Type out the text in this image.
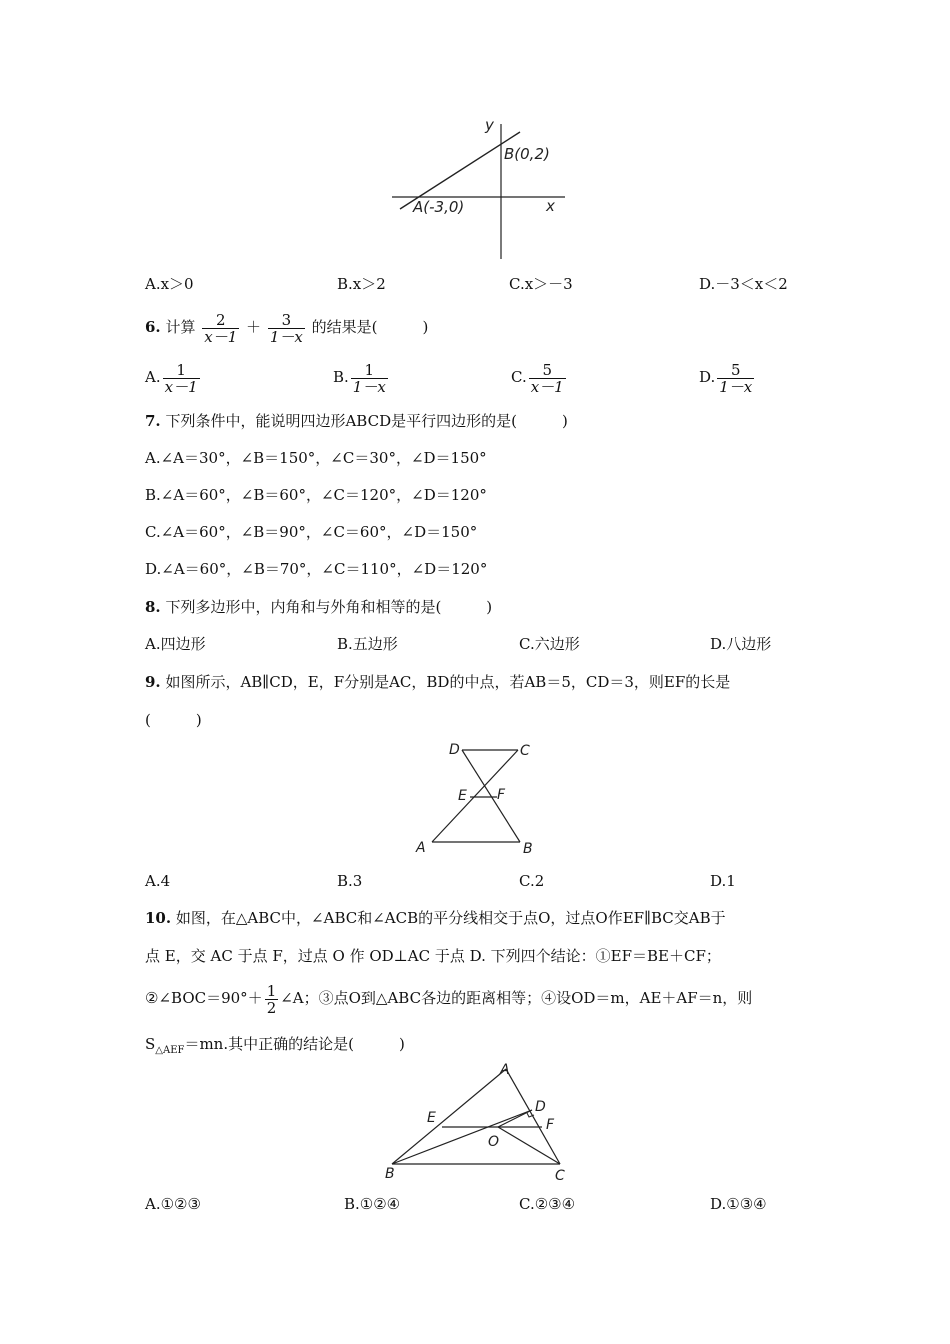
y
x
B(0,2)
A(-3,0)
A.x＞0	B.x＞2	C.x＞－3	D.－3＜x＜2
6. 计算 $\frac{2}{x-1} + \frac{3}{1-x}$ 的结果是(　　　)
A. $\frac{1}{x-1}$	B. $\frac{1}{1-x}$	C. $\frac{5}{x-1}$	D. $\frac{5}{1-x}$
7. 下列条件中，能说明四边形ABCD是平行四边形的是(　　　)
A.∠A＝30°，∠B＝150°，∠C＝30°，∠D＝150°
B.∠A＝60°，∠B＝60°，∠C＝120°，∠D＝120°
C.∠A＝60°，∠B＝90°，∠C＝60°，∠D＝150°
D.∠A＝60°，∠B＝70°，∠C＝110°，∠D＝120°
8. 下列多边形中，内角和与外角和相等的是(　　　)
A.四边形	B.五边形	C.六边形	D.八边形
9. 如图所示，AB∥CD，E，F分别是AC，BD的中点，若AB＝5，CD＝3，则EF的长是
(　　　)
D	C
E F
A	B
A.4	B.3	C.2	D.1
10. 如图，在△ABC中，∠ABC和∠ACB的平分线相交于点O，过点O作EF∥BC交AB于
点 E，交 AC 于点 F，过点 O 作 OD⊥AC 于点 D. 下列四个结论：①EF＝BE＋CF；
②∠BOC＝90°＋ $\frac{1}{2}$ ∠A；③点O到△ABC各边的距离相等；④设OD＝m，AE＋AF＝n，则
$S_{\triangle AEF}=mn$.其中正确的结论是(　　　)
A
D
E	F
O
B	C
A.①②③	B.①②④	C.②③④	D.①③④
